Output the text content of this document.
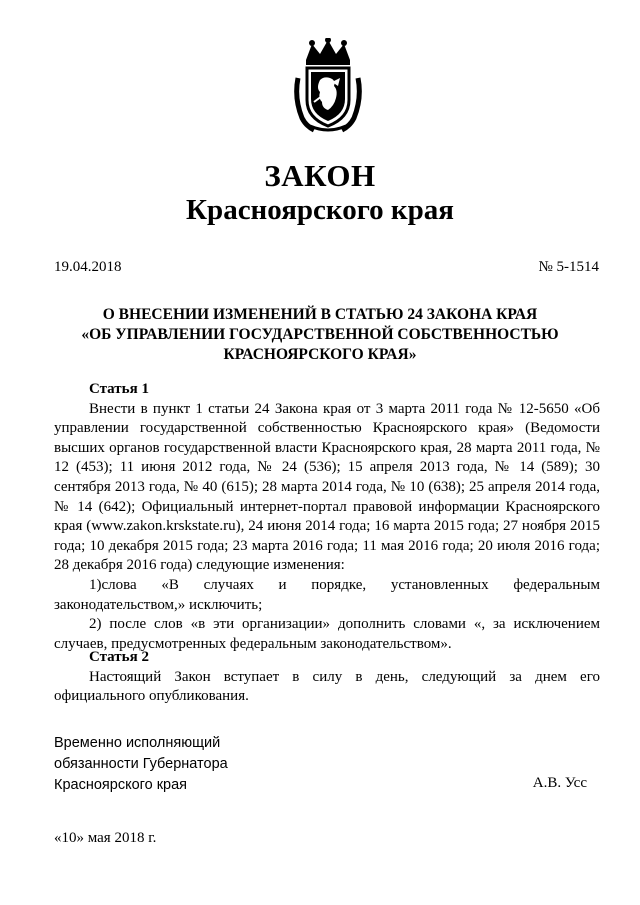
ЗАКОН
Красноярского края
19.04.2018	№ 5-1514
О ВНЕСЕНИИ ИЗМЕНЕНИЙ В СТАТЬЮ 24 ЗАКОНА КРАЯ
«ОБ УПРАВЛЕНИИ ГОСУДАРСТВЕННОЙ СОБСТВЕННОСТЬЮ
КРАСНОЯРСКОГО КРАЯ»
Статья 1

Внести в пункт 1 статьи 24 Закона края от 3 марта 2011 года № 12-5650 «Об управлении государственной собственностью Красноярского края» (Ведомости высших органов государственной власти Красноярского края, 28 марта 2011 года, № 12 (453); 11 июня 2012 года, № 24 (536); 15 апреля 2013 года, № 14 (589); 30 сентября 2013 года, № 40 (615); 28 марта 2014 года, № 10 (638); 25 апреля 2014 года, № 14 (642); Официальный интернет-портал правовой информации Красноярского края (www.zakon.krskstate.ru), 24 июня 2014 года; 16 марта 2015 года; 27 ноября 2015 года; 10 декабря 2015 года; 23 марта 2016 года; 11 мая 2016 года; 20 июля 2016 года; 28 декабря 2016 года) следующие изменения:

1)слова «В случаях и порядке, установленных федеральным законодательством,» исключить;

2) после слов «в эти организации» дополнить словами «, за исключением случаев, предусмотренных федеральным законодательством».

Статья 2

Настоящий Закон вступает в силу в день, следующий за днем его официального опубликования.

Временно исполняющий
обязанности Губернатора
Красноярского края	А.В. Усс
«10» мая 2018 г.
